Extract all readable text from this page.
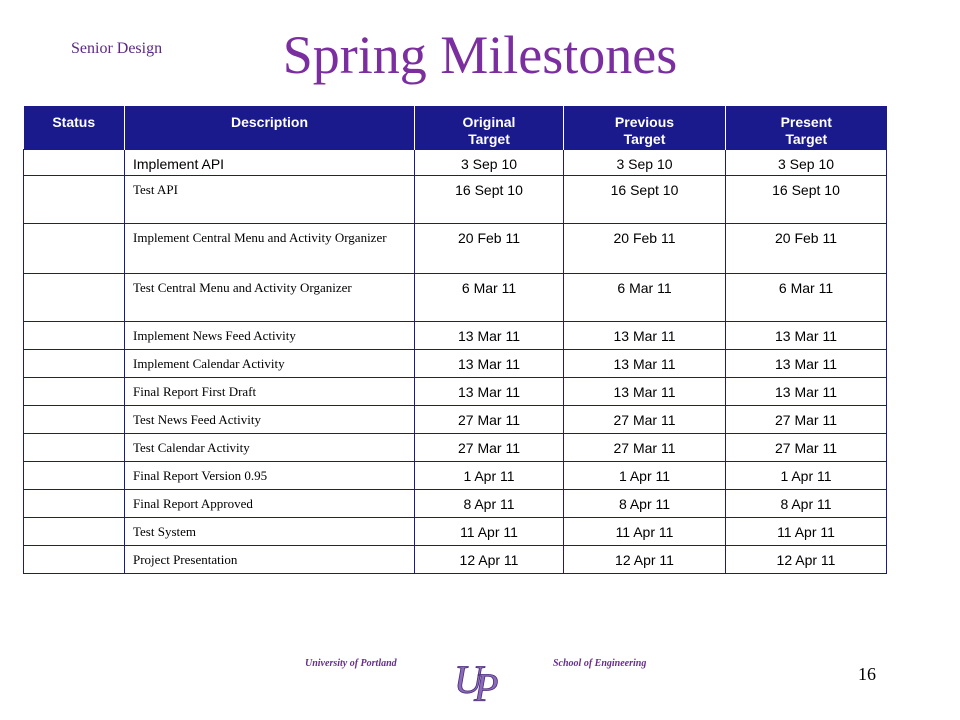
Senior Design	Spring Milestones
Status	Description	Original Target	Previous Target	Present Target
	Implement API	3 Sep 10	3 Sep 10	3 Sep 10
	Test API	16 Sept 10	16 Sept 10	16 Sept 10
	Implement Central Menu and Activity Organizer	20 Feb 11	20 Feb 11	20 Feb 11
	Test Central Menu and Activity Organizer	6 Mar 11	6 Mar 11	6 Mar 11
	Implement News Feed Activity	13 Mar 11	13 Mar 11	13 Mar 11
	Implement Calendar Activity	13 Mar 11	13 Mar 11	13 Mar 11
	Final Report First Draft	13 Mar 11	13 Mar 11	13 Mar 11
	Test News Feed Activity	27 Mar 11	27 Mar 11	27 Mar 11
	Test Calendar Activity	27 Mar 11	27 Mar 11	27 Mar 11
	Final Report Version 0.95	1 Apr 11	1 Apr 11	1 Apr 11
	Final Report Approved	8 Apr 11	8 Apr 11	8 Apr 11
	Test System	11 Apr 11	11 Apr 11	11 Apr 11
	Project Presentation	12 Apr 11	12 Apr 11	12 Apr 11
University of Portland U
P
School of Engineering
16
